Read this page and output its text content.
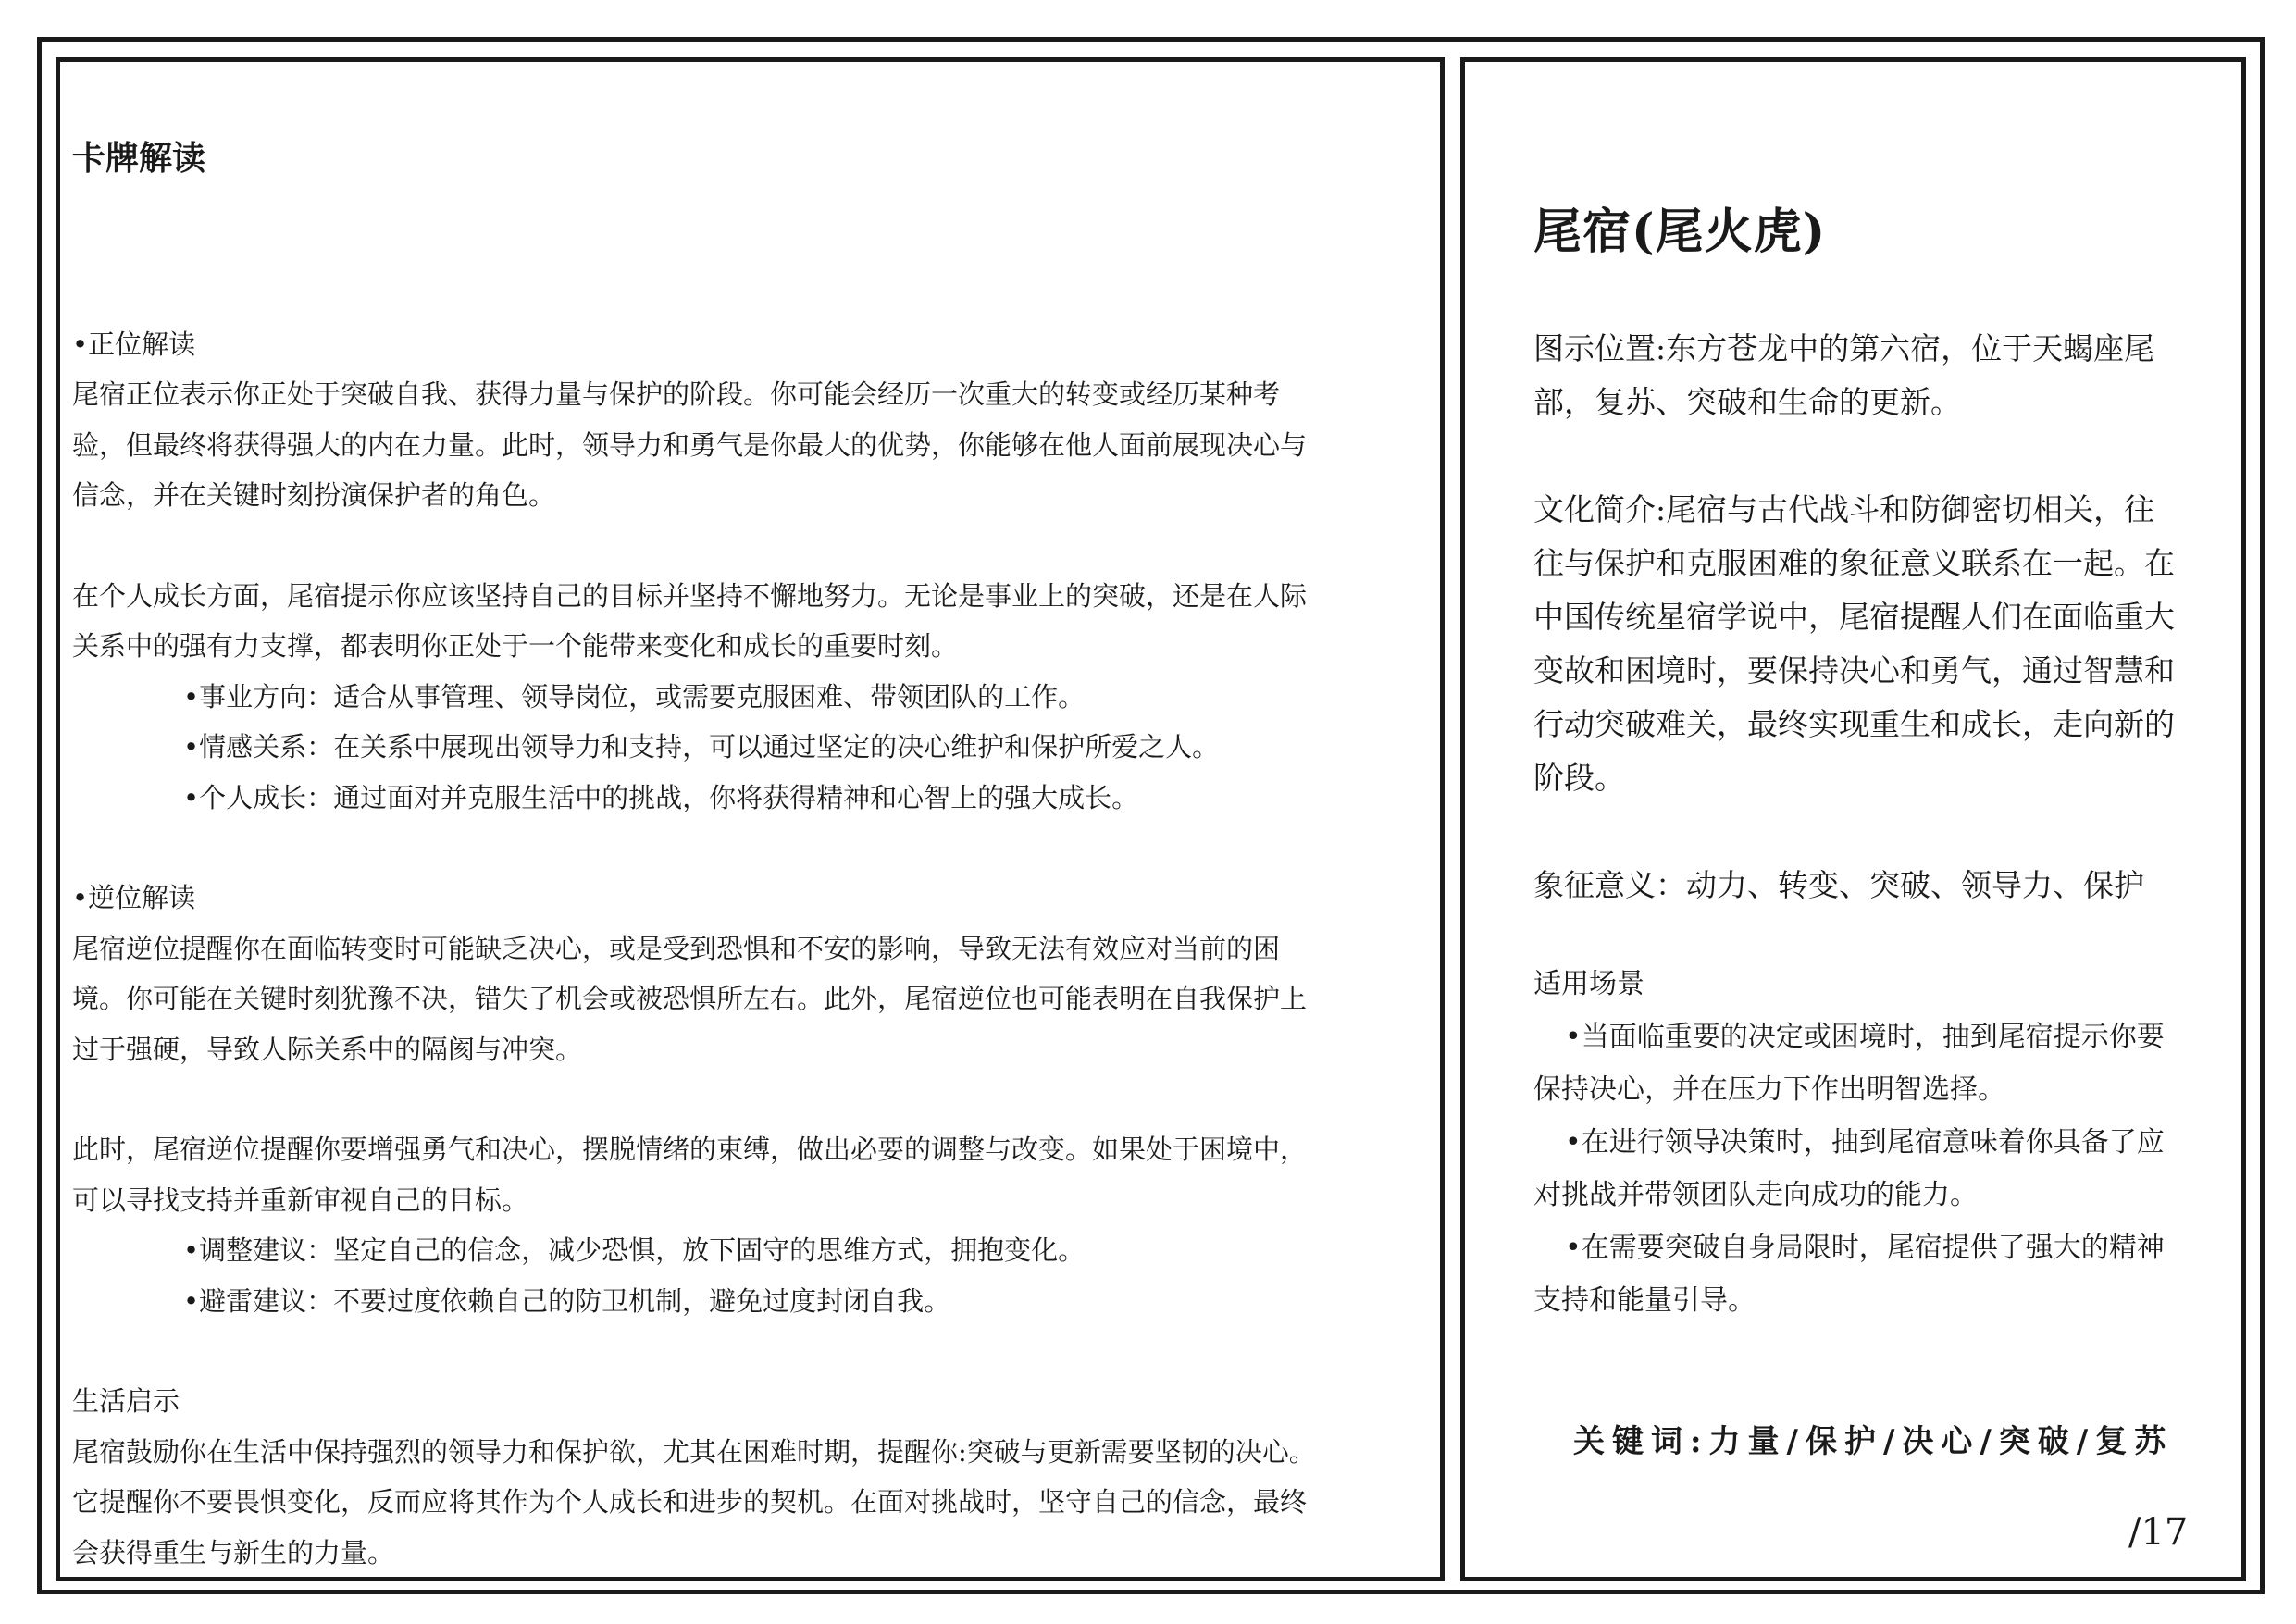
卡牌解读

•正位解读

尾宿正位表示你正处于突破自我、获得力量与保护的阶段。你可能会经历一次重大的转变或经历某种考验，但最终将获得强大的内在力量。此时，领导力和勇气是你最大的优势，你能够在他人面前展现决心与信念，并在关键时刻扮演保护者的角色。

在个人成长方面，尾宿提示你应该坚持自己的目标并坚持不懈地努力。无论是事业上的突破，还是在人际关系中的强有力支撑，都表明你正处于一个能带来变化和成长的重要时刻。

•事业方向：适合从事管理、领导岗位，或需要克服困难、带领团队的工作。

•情感关系：在关系中展现出领导力和支持，可以通过坚定的决心维护和保护所爱之人。

•个人成长：通过面对并克服生活中的挑战，你将获得精神和心智上的强大成长。

•逆位解读

尾宿逆位提醒你在面临转变时可能缺乏决心，或是受到恐惧和不安的影响，导致无法有效应对当前的困境。你可能在关键时刻犹豫不决，错失了机会或被恐惧所左右。此外，尾宿逆位也可能表明在自我保护上过于强硬，导致人际关系中的隔阂与冲突。

此时，尾宿逆位提醒你要增强勇气和决心，摆脱情绪的束缚，做出必要的调整与改变。如果处于困境中，可以寻找支持并重新审视自己的目标。

•调整建议：坚定自己的信念，减少恐惧，放下固守的思维方式，拥抱变化。

•避雷建议：不要过度依赖自己的防卫机制，避免过度封闭自我。

生活启示

尾宿鼓励你在生活中保持强烈的领导力和保护欲，尤其在困难时期，提醒你:突破与更新需要坚韧的决心。它提醒你不要畏惧变化，反而应将其作为个人成长和进步的契机。在面对挑战时，坚守自己的信念，最终会获得重生与新生的力量。

尾宿(尾火虎)

图示位置:东方苍龙中的第六宿，位于天蝎座尾部，复苏、突破和生命的更新。

文化简介:尾宿与古代战斗和防御密切相关，往往与保护和克服困难的象征意义联系在一起。在中国传统星宿学说中，尾宿提醒人们在面临重大变故和困境时，要保持决心和勇气，通过智慧和行动突破难关，最终实现重生和成长，走向新的阶段。

象征意义：动力、转变、突破、领导力、保护

适用场景

•当面临重要的决定或困境时，抽到尾宿提示你要保持决心，并在压力下作出明智选择。

•在进行领导决策时，抽到尾宿意味着你具备了应对挑战并带领团队走向成功的能力。

•在需要突破自身局限时，尾宿提供了强大的精神支持和能量引导。

关键词:力量/保护/决心/突破/复苏

/17
